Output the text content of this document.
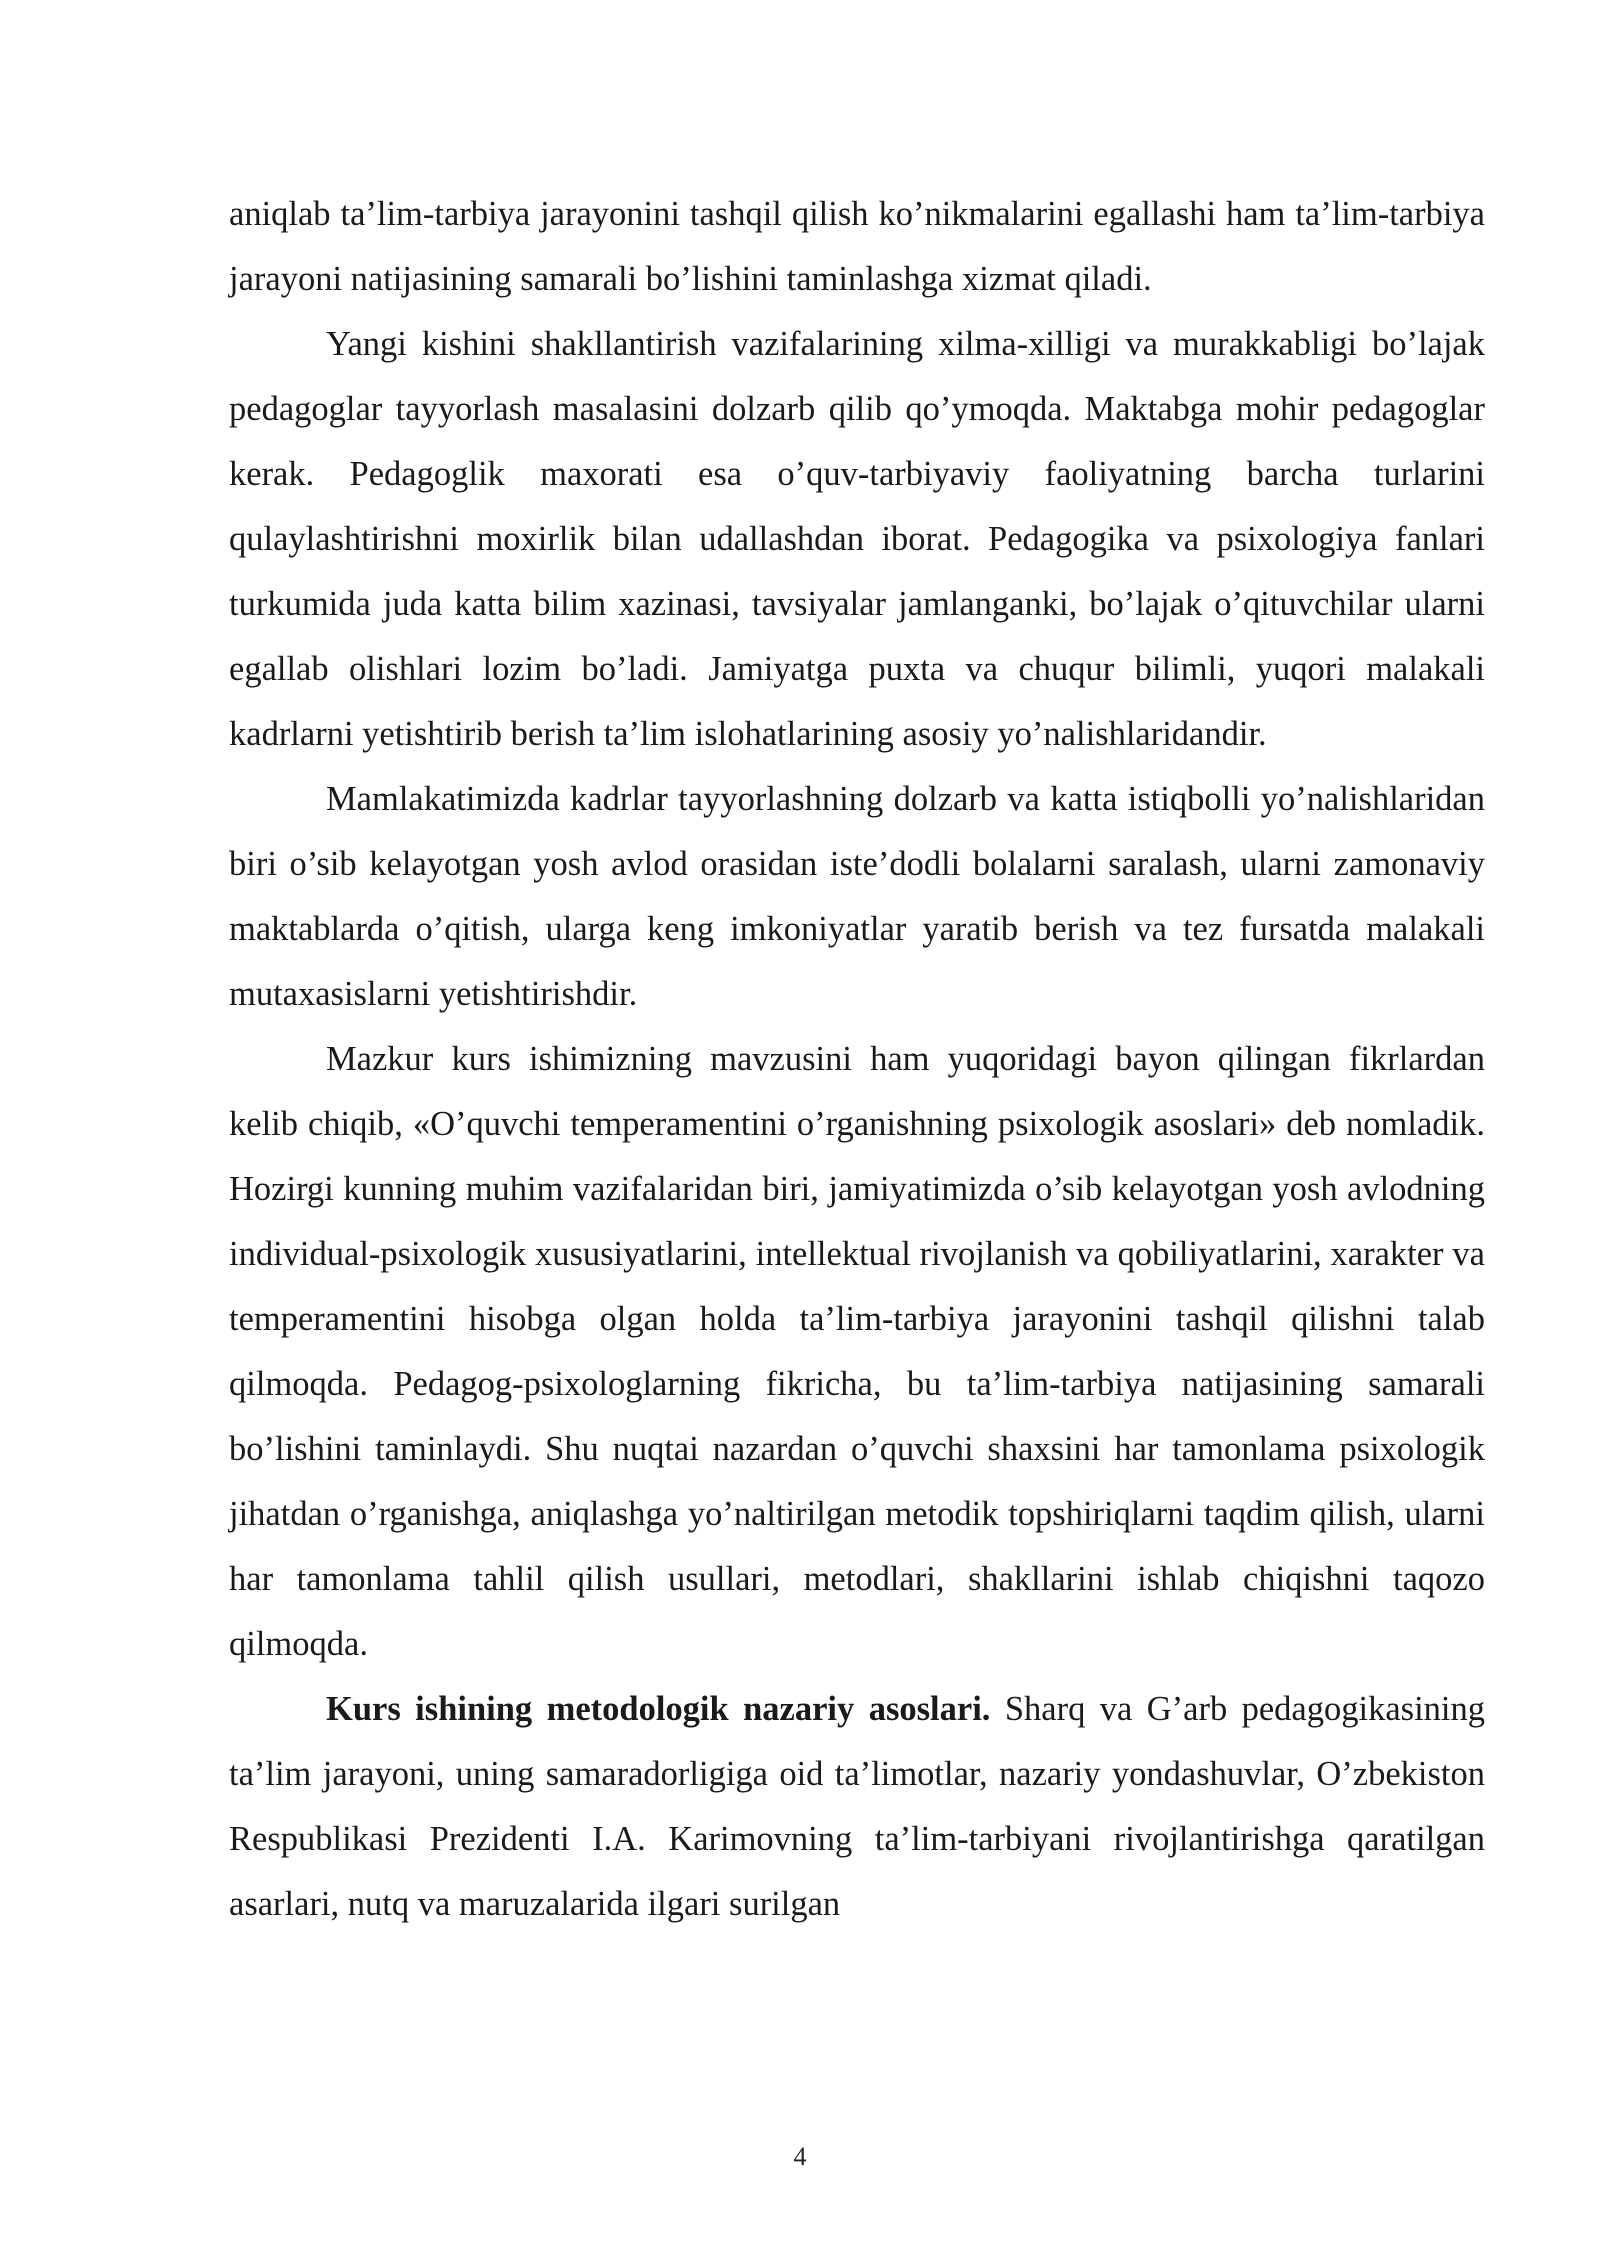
aniqlab ta’lim-tarbiya jarayonini tashqil qilish ko’nikmalarini egallashi ham ta’lim-tarbiya jarayoni natijasining samarali bo’lishini taminlashga xizmat qiladi.

Yangi kishini shakllantirish vazifalarining xilma-xilligi va murakkabligi bo’lajak pedagoglar tayyorlash masalasini dolzarb qilib qo’ymoqda. Maktabga mohir pedagoglar kerak. Pedagoglik maxorati esa o’quv-tarbiyaviy faoliyatning barcha turlarini qulaylashtirishni moxirlik bilan udallashdan iborat. Pedagogika va psixologiya fanlari turkumida juda katta bilim xazinasi, tavsiyalar jamlanganki, bo’lajak o’qituvchilar ularni egallab olishlari lozim bo’ladi. Jamiyatga puxta va chuqur bilimli, yuqori malakali kadrlarni yetishtirib berish ta’lim islohatlarining asosiy yo’nalishlaridandir.

Mamlakatimizda kadrlar tayyorlashning dolzarb va katta istiqbolli yo’nalishlaridan biri o’sib kelayotgan yosh avlod orasidan iste’dodli bolalarni saralash, ularni zamonaviy maktablarda o’qitish, ularga keng imkoniyatlar yaratib berish va tez fursatda malakali mutaxasislarni yetishtirishdir.

Mazkur kurs ishimizning mavzusini ham yuqoridagi bayon qilingan fikrlardan kelib chiqib, «O’quvchi temperamentini o’rganishning psixologik asoslari» deb nomladik. Hozirgi kunning muhim vazifalaridan biri, jamiyatimizda o’sib kelayotgan yosh avlodning individual-psixologik xususiyatlarini, intellektual rivojlanish va qobiliyatlarini, xarakter va temperamentini hisobga olgan holda ta’lim-tarbiya jarayonini tashqil qilishni talab qilmoqda. Pedagog-psixologlarning fikricha, bu ta’lim-tarbiya natijasining samarali bo’lishini taminlaydi. Shu nuqtai nazardan o’quvchi shaxsini har tamonlama psixologik jihatdan o’rganishga, aniqlashga yo’naltirilgan metodik topshiriqlarni taqdim qilish, ularni har tamonlama tahlil qilish usullari, metodlari, shakllarini ishlab chiqishni taqozo qilmoqda.

Kurs ishining metodologik nazariy asoslari. Sharq va G’arb pedagogikasining ta’lim jarayoni, uning samaradorligiga oid ta’limotlar, nazariy yondashuvlar, O’zbekiston Respublikasi Prezidenti I.A. Karimovning ta’lim-tarbiyani rivojlantirishga qaratilgan asarlari, nutq va maruzalarida ilgari surilgan

4
